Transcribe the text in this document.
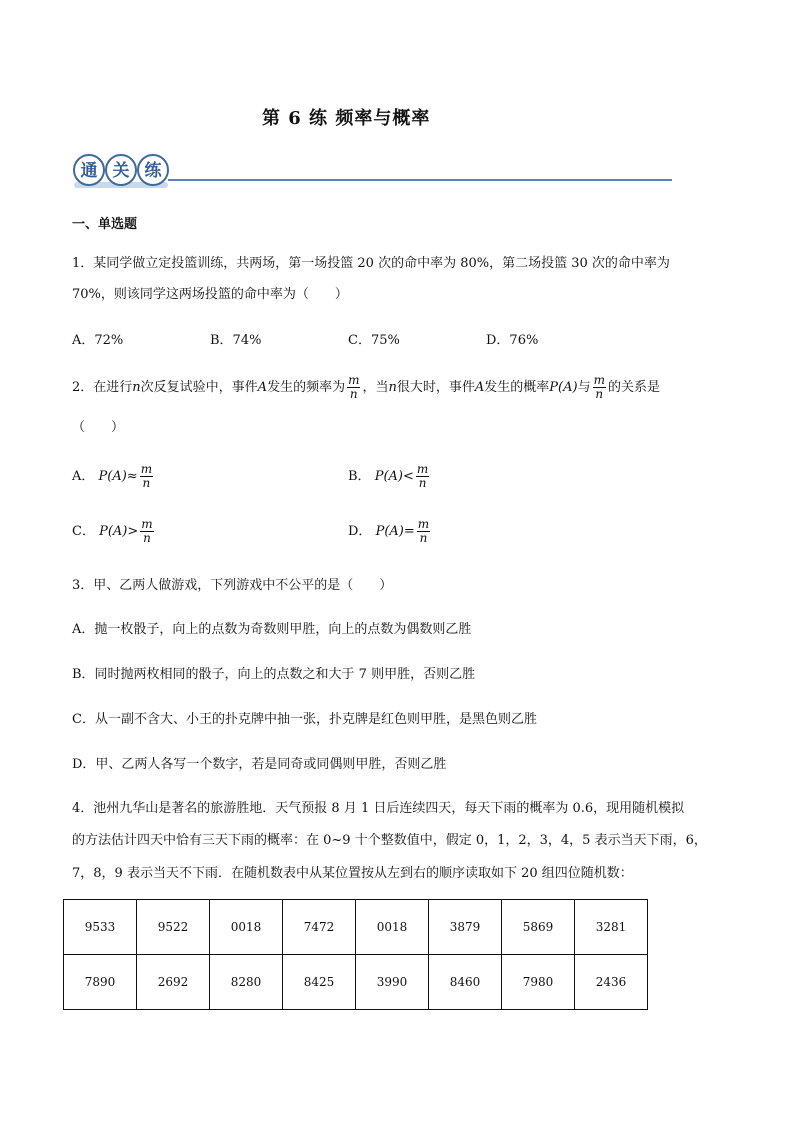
第 6 练 频率与概率
通 关 练
一、单选题
1．某同学做立定投篮训练，共两场，第一场投篮 20 次的命中率为 80%，第二场投篮 30 次的命中率为
70%，则该同学这两场投篮的命中率为（　　）
A．72%	B．74%	C．75%	D．76%
2．在进行n次反复试验中，事件A发生的频率为 $\frac{m}{n}$ ，当n很大时，事件A发生的概率P(A)与 $\frac{m}{n}$ 的关系是
（　　）
A． $P(A)\approx \frac{m}{n}$	B． $P(A)< \frac{m}{n}$
C． $P(A)> \frac{m}{n}$	D． $P(A)= \frac{m}{n}$
3．甲、乙两人做游戏，下列游戏中不公平的是（　　）
A．抛一枚骰子，向上的点数为奇数则甲胜，向上的点数为偶数则乙胜
B．同时抛两枚相同的骰子，向上的点数之和大于 7 则甲胜，否则乙胜
C．从一副不含大、小王的扑克牌中抽一张，扑克牌是红色则甲胜，是黑色则乙胜
D．甲、乙两人各写一个数字，若是同奇或同偶则甲胜，否则乙胜
4．池州九华山是著名的旅游胜地．天气预报 8 月 1 日后连续四天，每天下雨的概率为 0.6，现用随机模拟
的方法估计四天中恰有三天下雨的概率：在 0~9 十个整数值中，假定 0，1，2，3，4，5 表示当天下雨，6，
7，8，9 表示当天不下雨．在随机数表中从某位置按从左到右的顺序读取如下 20 组四位随机数：
9533	9522	0018	7472	0018	3879	5869	3281
7890	2692	8280	8425	3990	8460	7980	2436
